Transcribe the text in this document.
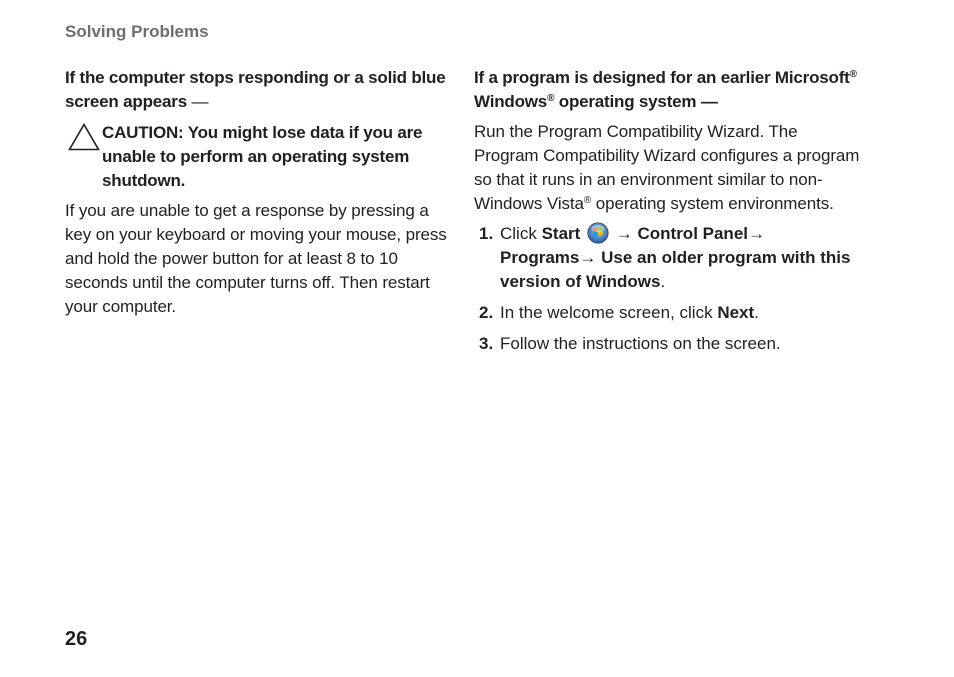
Solving Problems

If the computer stops responding or a solid blue screen appears —

CAUTION: You might lose data if you are unable to perform an operating system shutdown.

If you are unable to get a response by pressing a key on your keyboard or moving your mouse, press and hold the power button for at least 8 to 10 seconds until the computer turns off. Then restart your computer.

If a program is designed for an earlier Microsoft® Windows® operating system —

Run the Program Compatibility Wizard. The Program Compatibility Wizard configures a program so that it runs in an environment similar to non-Windows Vista® operating system environments.

1. Click Start  → Control Panel→ Programs→ Use an older program with this version of Windows.
2. In the welcome screen, click Next.
3. Follow the instructions on the screen.
26
